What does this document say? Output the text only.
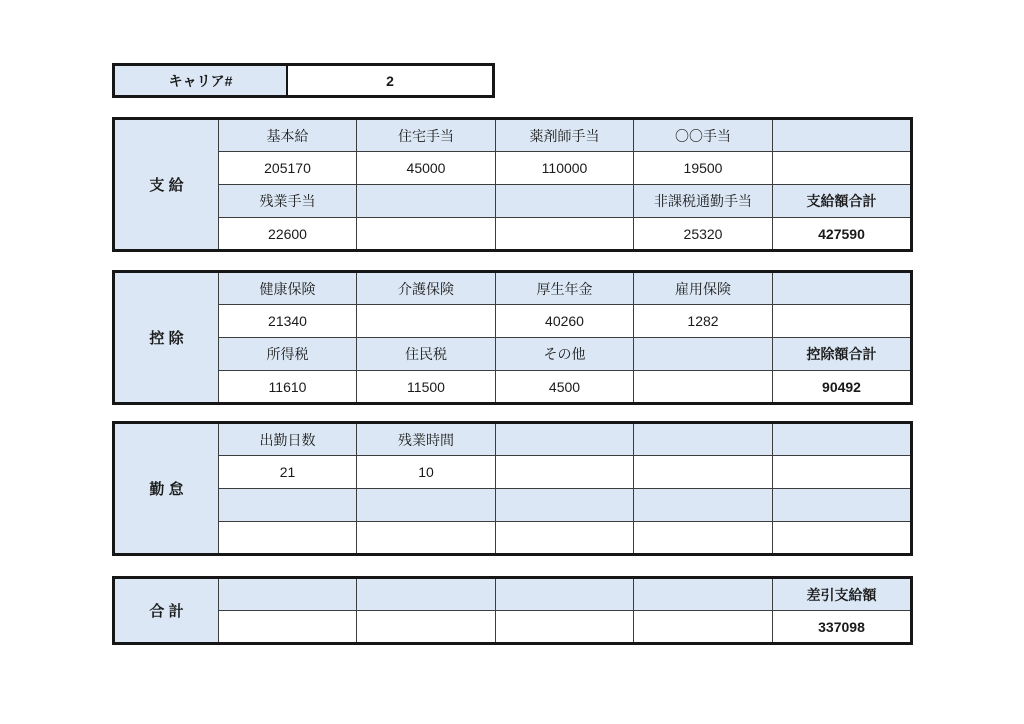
キャリア#	2
支 給	基本給	住宅手当	薬剤師手当	〇〇手当	
	205170	45000	110000	19500	
	残業手当			非課税通勤手当	支給額合計
	22600			25320	427590
控 除	健康保険	介護保険	厚生年金	雇用保険	
	21340		40260	1282	
	所得税	住民税	その他		控除額合計
	11610	11500	4500		90492
勤 怠	出勤日数	残業時間			
	21	10			

合 計					差引支給額
					337098
